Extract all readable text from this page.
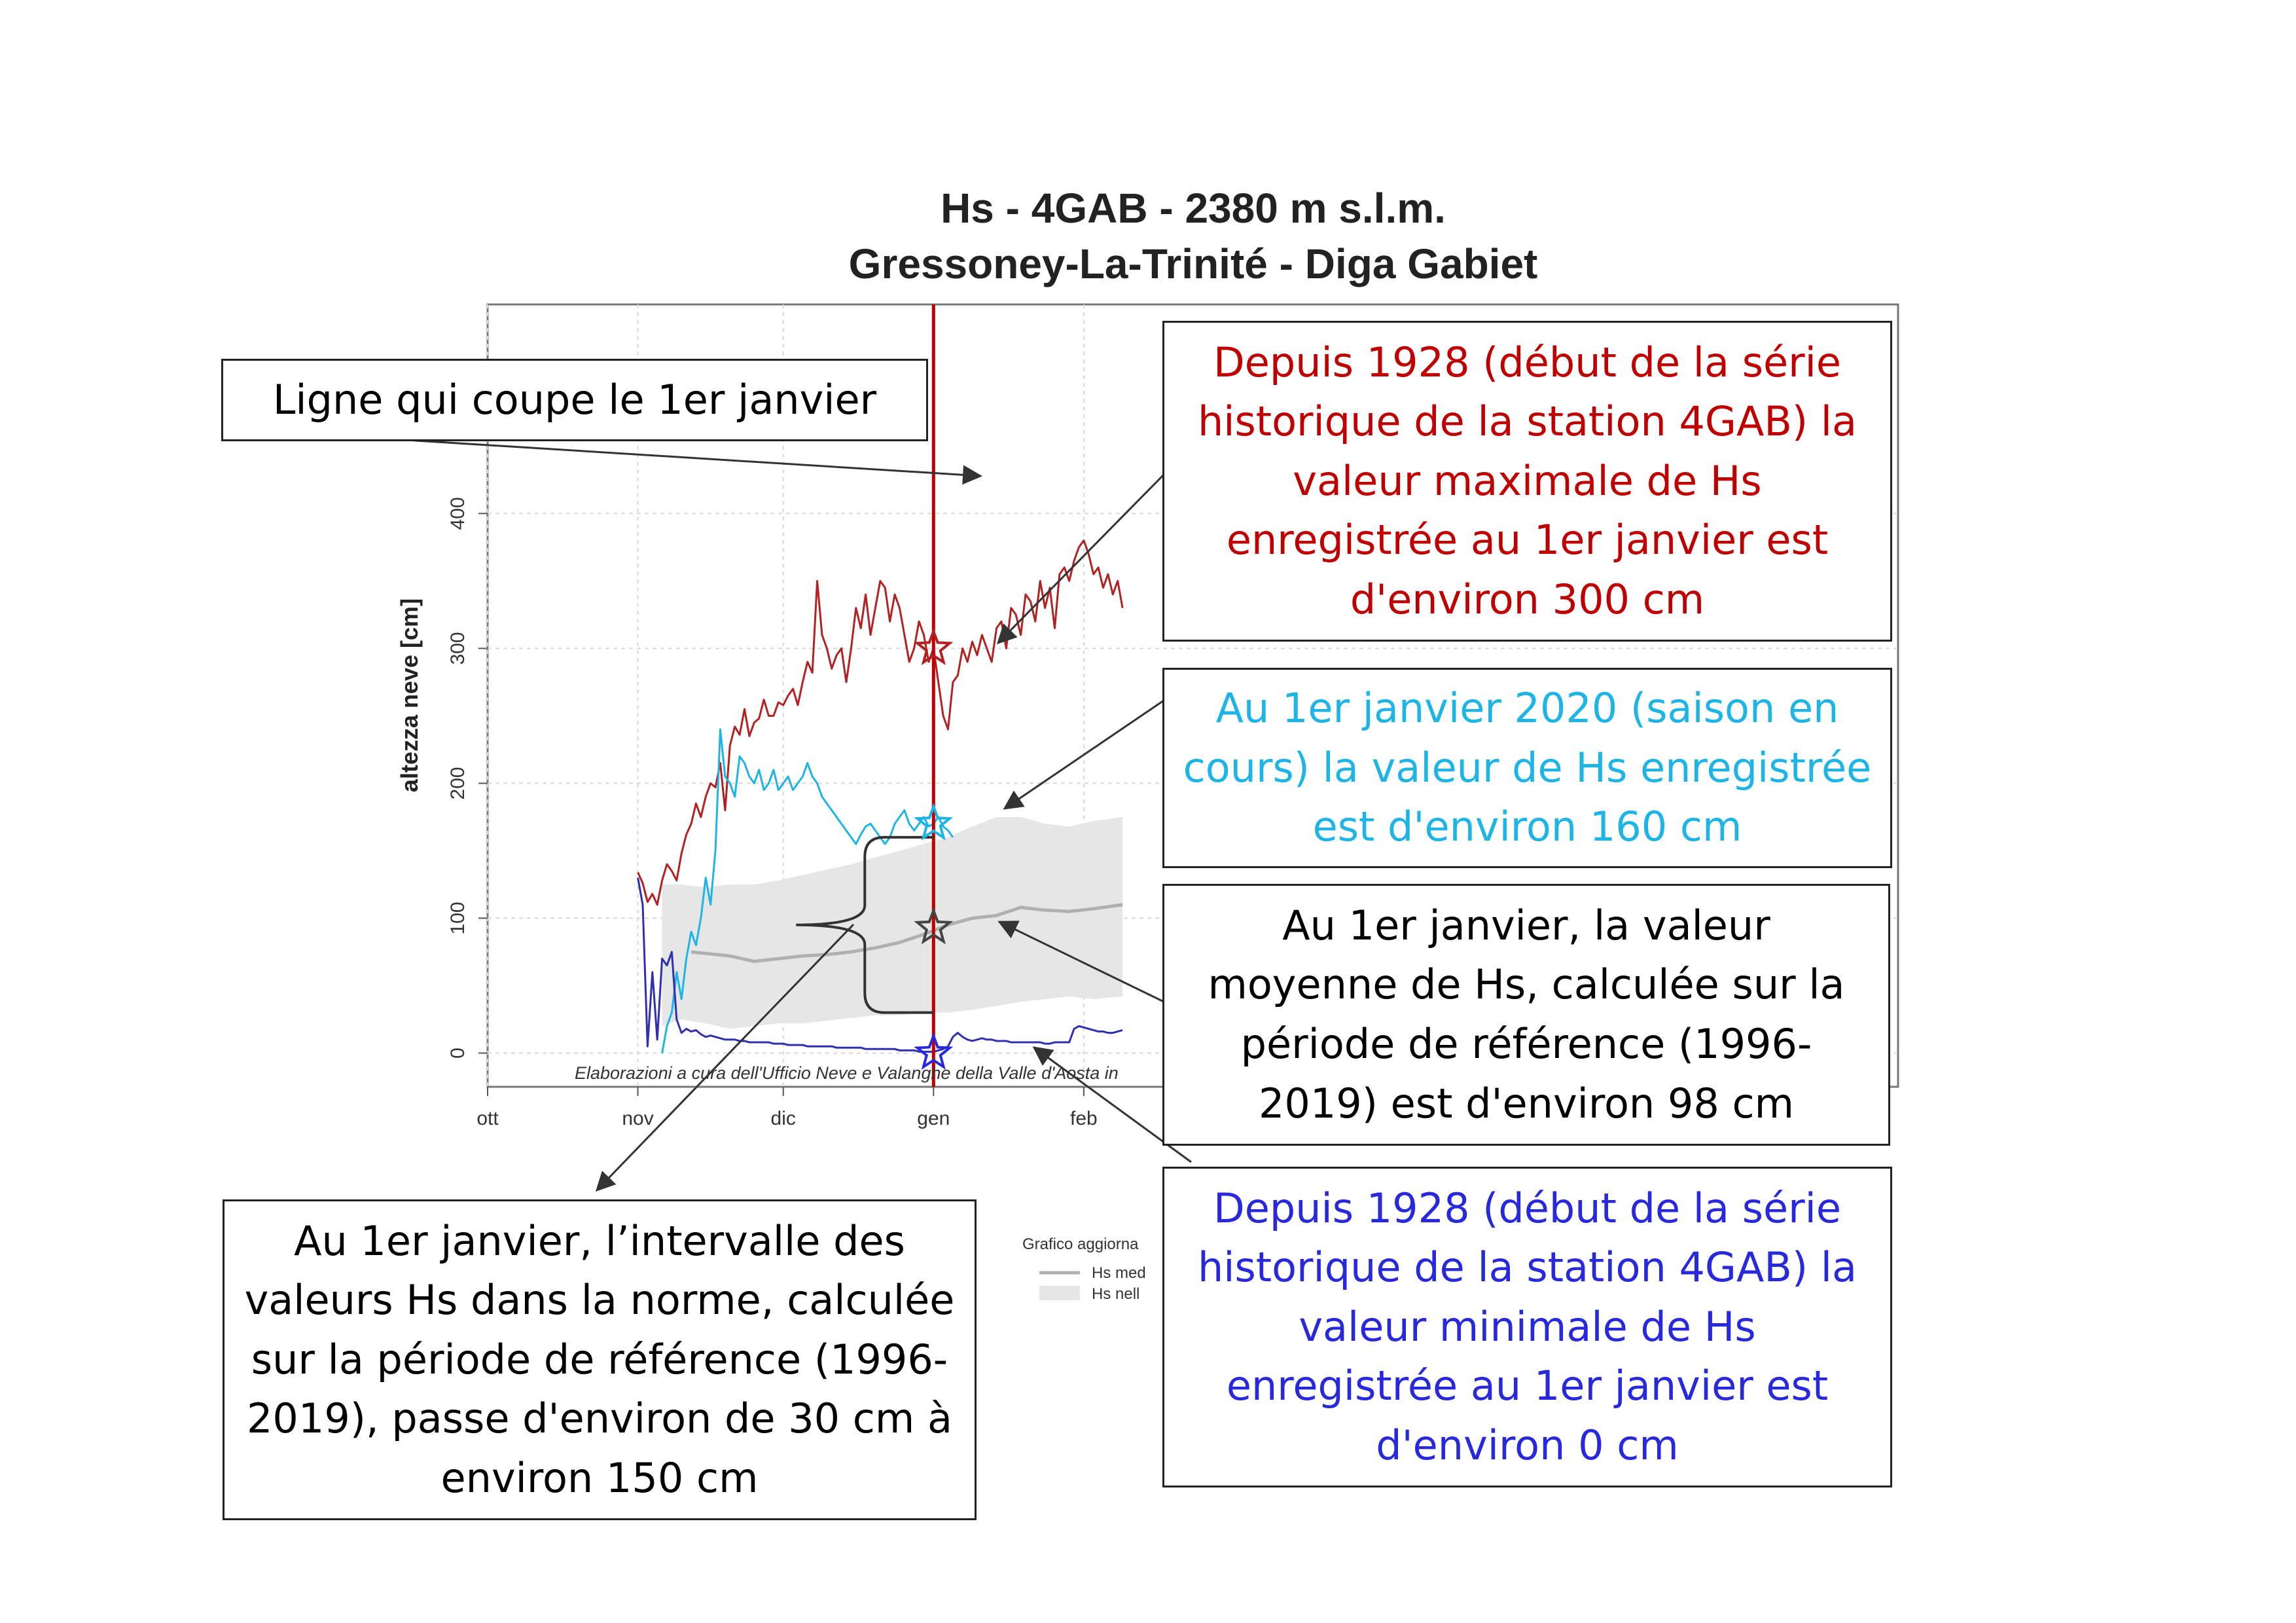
Hs - 4GAB - 2380 m s.l.m.
Gressoney-La-Trinité - Diga Gabiet
0
100
200
300
400
ott	nov	dic	gen	feb
altezza neve [cm]
Elaborazioni a cura dell'Ufficio Neve e Valanghe della Valle d'Aosta in
Grafico aggiorna
Hs med
Hs nell
Ligne qui coupe le 1er janvier
Depuis 1928 (début de la série historique de la station 4GAB) la valeur maximale de Hs enregistrée au 1er janvier est d'environ 300 cm
Au 1er janvier 2020 (saison en cours) la valeur de Hs enregistrée est d'environ 160 cm
Au 1er janvier, la valeur moyenne de Hs, calculée sur la période de référence (1996-2019) est d'environ 98 cm
Depuis 1928 (début de la série historique de la station 4GAB) la valeur minimale de Hs enregistrée au 1er janvier est d'environ 0 cm
Au 1er janvier, l’intervalle des valeurs Hs dans la norme, calculée sur la période de référence (1996-2019), passe d'environ de 30 cm à environ 150 cm
